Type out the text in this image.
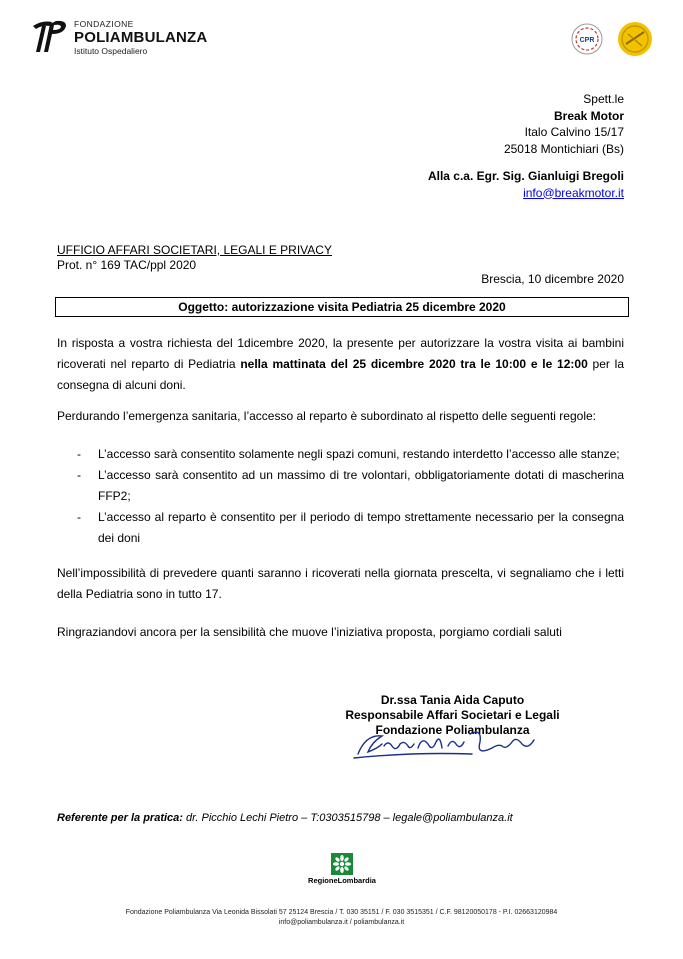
FONDAZIONE
POLIAMBULANZA
Istituto Ospedaliero
CPR
Spett.le
Break Motor
Italo Calvino 15/17
25018 Montichiari (Bs)
Alla c.a. Egr. Sig. Gianluigi Bregoli
info@breakmotor.it
UFFICIO AFFARI SOCIETARI, LEGALI E PRIVACY
Prot. n° 169 TAC/ppl 2020
Brescia, 10 dicembre 2020
Oggetto: autorizzazione visita Pediatria 25 dicembre 2020
In risposta a vostra richiesta del 1dicembre 2020, la presente per autorizzare la vostra visita ai bambini ricoverati nel reparto di Pediatria nella mattinata del 25 dicembre 2020 tra le 10:00 e le 12:00 per la consegna di alcuni doni.
Perdurando l’emergenza sanitaria, l’accesso al reparto è subordinato al rispetto delle seguenti regole:
- L’accesso sarà consentito solamente negli spazi comuni, restando interdetto l’accesso alle stanze;
- L’accesso sarà consentito ad un massimo di tre volontari, obbligatoriamente dotati di mascherina FFP2;
- L’accesso al reparto è consentito per il periodo di tempo strettamente necessario per la consegna dei doni
Nell’impossibilità di prevedere quanti saranno i ricoverati nella giornata prescelta, vi segnaliamo che i letti della Pediatria sono in tutto 17.
Ringraziandovi ancora per la sensibilità che muove l’iniziativa proposta, porgiamo cordiali saluti
Dr.ssa Tania Aida Caputo
Responsabile Affari Societari e Legali
Fondazione Poliambulanza
Referente per la pratica: dr. Picchio Lechi Pietro – T:0303515798 – legale@poliambulanza.it
RegioneLombardia
Fondazione Poliambulanza Via Leonida Bissolati 57 25124 Brescia / T. 030 35151 / F. 030 3515351 / C.F. 98120050178 - P.I. 02663120984
info@poliambulanza.it / poliambulanza.it
